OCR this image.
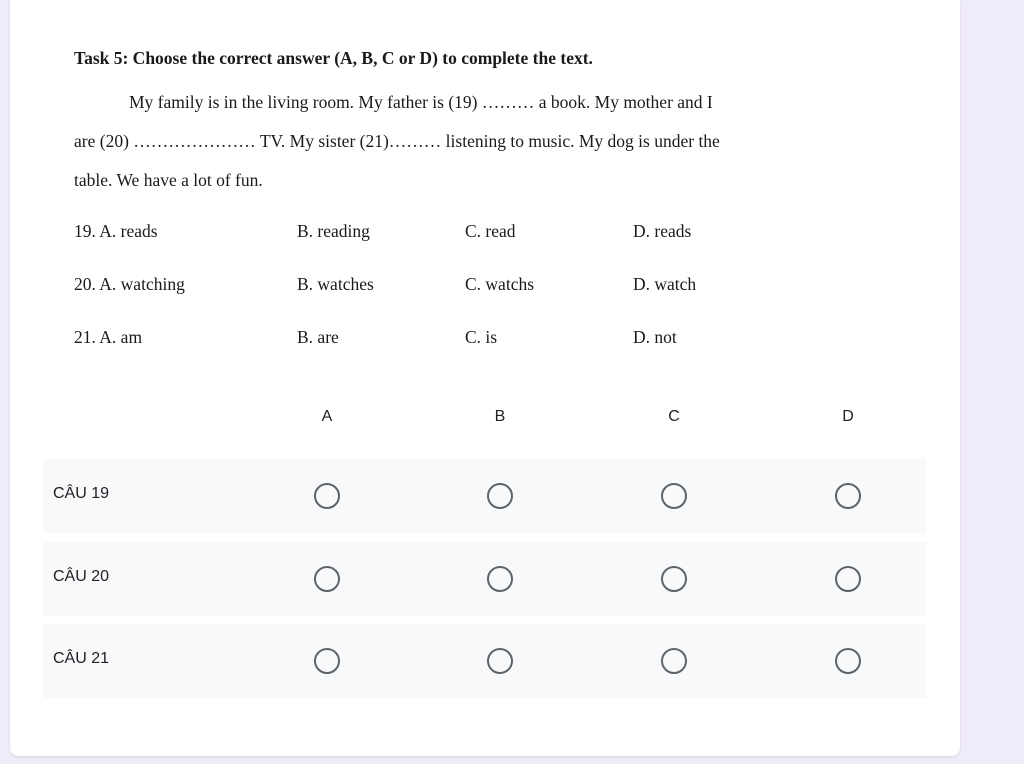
Task 5: Choose the correct answer (A, B, C or D) to complete the text.
My family is in the living room. My father is (19) ……… a book. My mother and I
are (20) ………………… TV. My sister (21)……… listening to music. My dog is under the
table. We have a lot of fun.
19. A. reads	B. reading	C. read	D. reads
20. A. watching	B. watches	C. watchs	D. watch
21. A. am	B. are	C. is	D. not
A	B	C	D
CÂU 19
CÂU 20
CÂU 21
